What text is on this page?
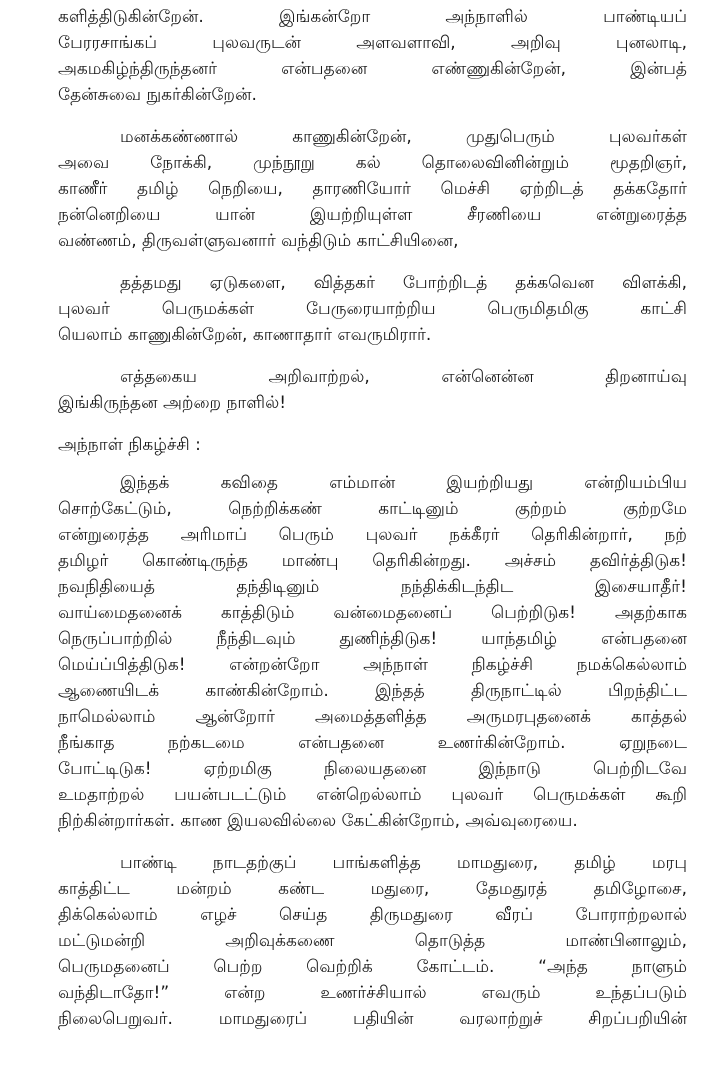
களித்திடுகின்றேன். இங்கன்றோ அந்நாளில் பாண்டியப்
பேரரசாங்கப் புலவருடன் அளவளாவி, அறிவு புனலாடி,
அகமகிழ்ந்திருந்தனர் என்பதனை எண்ணுகின்றேன், இன்பத்
தேன்சுவை நுகர்கின்றேன்.
மனக்கண்ணால் காணுகின்றேன், முதுபெரும் புலவர்கள்
அவை நோக்கி, முந்நூறு கல் தொலைவினின்றும் மூதறிஞர்,
காணீர் தமிழ் நெறியை, தாரணியோர் மெச்சி ஏற்றிடத் தக்கதோர்
நன்னெறியை யான் இயற்றியுள்ள சீரணியை என்றுரைத்த
வண்ணம், திருவள்ளுவனார் வந்திடும் காட்சியினை,
தத்தமது ஏடுகளை, வித்தகர் போற்றிடத் தக்கவென விளக்கி,
புலவர் பெருமக்கள் பேருரையாற்றிய பெருமிதமிகு காட்சி
யெலாம் காணுகின்றேன், காணாதார் எவருமிரார்.
எத்தகைய அறிவாற்றல், என்னென்ன திறனாய்வு
இங்கிருந்தன அற்றை நாளில்!
அந்நாள் நிகழ்ச்சி :
இந்தக் கவிதை எம்மான் இயற்றியது என்றியம்பிய
சொற்கேட்டும், நெற்றிக்கண் காட்டினும் குற்றம் குற்றமே
என்றுரைத்த அரிமாப் பெரும் புலவர் நக்கீரர் தெரிகின்றார், நற்
தமிழர் கொண்டிருந்த மாண்பு தெரிகின்றது. அச்சம் தவிர்த்திடுக!
நவநிதியைத் தந்திடினும் நந்திக்கிடந்திட இசையாதீர்!
வாய்மைதனைக் காத்திடும் வன்மைதனைப் பெற்றிடுக! அதற்காக
நெருப்பாற்றில் நீந்திடவும் துணிந்திடுக! யாந்தமிழ் என்பதனை
மெய்ப்பித்திடுக! என்றன்றோ அந்நாள் நிகழ்ச்சி நமக்கெல்லாம்
ஆணையிடக் காண்கின்றோம். இந்தத் திருநாட்டில் பிறந்திட்ட
நாமெல்லாம் ஆன்றோர் அமைத்தளித்த அருமரபுதனைக் காத்தல்
நீங்காத நற்கடமை என்பதனை உணர்கின்றோம். ஏறுநடை
போட்டிடுக! ஏற்றமிகு நிலையதனை இந்நாடு பெற்றிடவே
உமதாற்றல் பயன்படட்டும் என்றெல்லாம் புலவர் பெருமக்கள் கூறி
நிற்கின்றார்கள். காண இயலவில்லை கேட்கின்றோம், அவ்வுரையை.
பாண்டி நாடதற்குப் பாங்களித்த மாமதுரை, தமிழ் மரபு
காத்திட்ட மன்றம் கண்ட மதுரை, தேமதுரத் தமிழோசை,
திக்கெல்லாம் எழச் செய்த திருமதுரை வீரப் போராற்றலால்
மட்டுமன்றி அறிவுக்கணை தொடுத்த மாண்பினாலும்,
பெருமதனைப் பெற்ற வெற்றிக் கோட்டம். “அந்த நாளும்
வந்திடாதோ!” என்ற உணர்ச்சியால் எவரும் உந்தப்படும்
நிலைபெறுவர். மாமதுரைப் பதியின் வரலாற்றுச் சிறப்பறியின்
